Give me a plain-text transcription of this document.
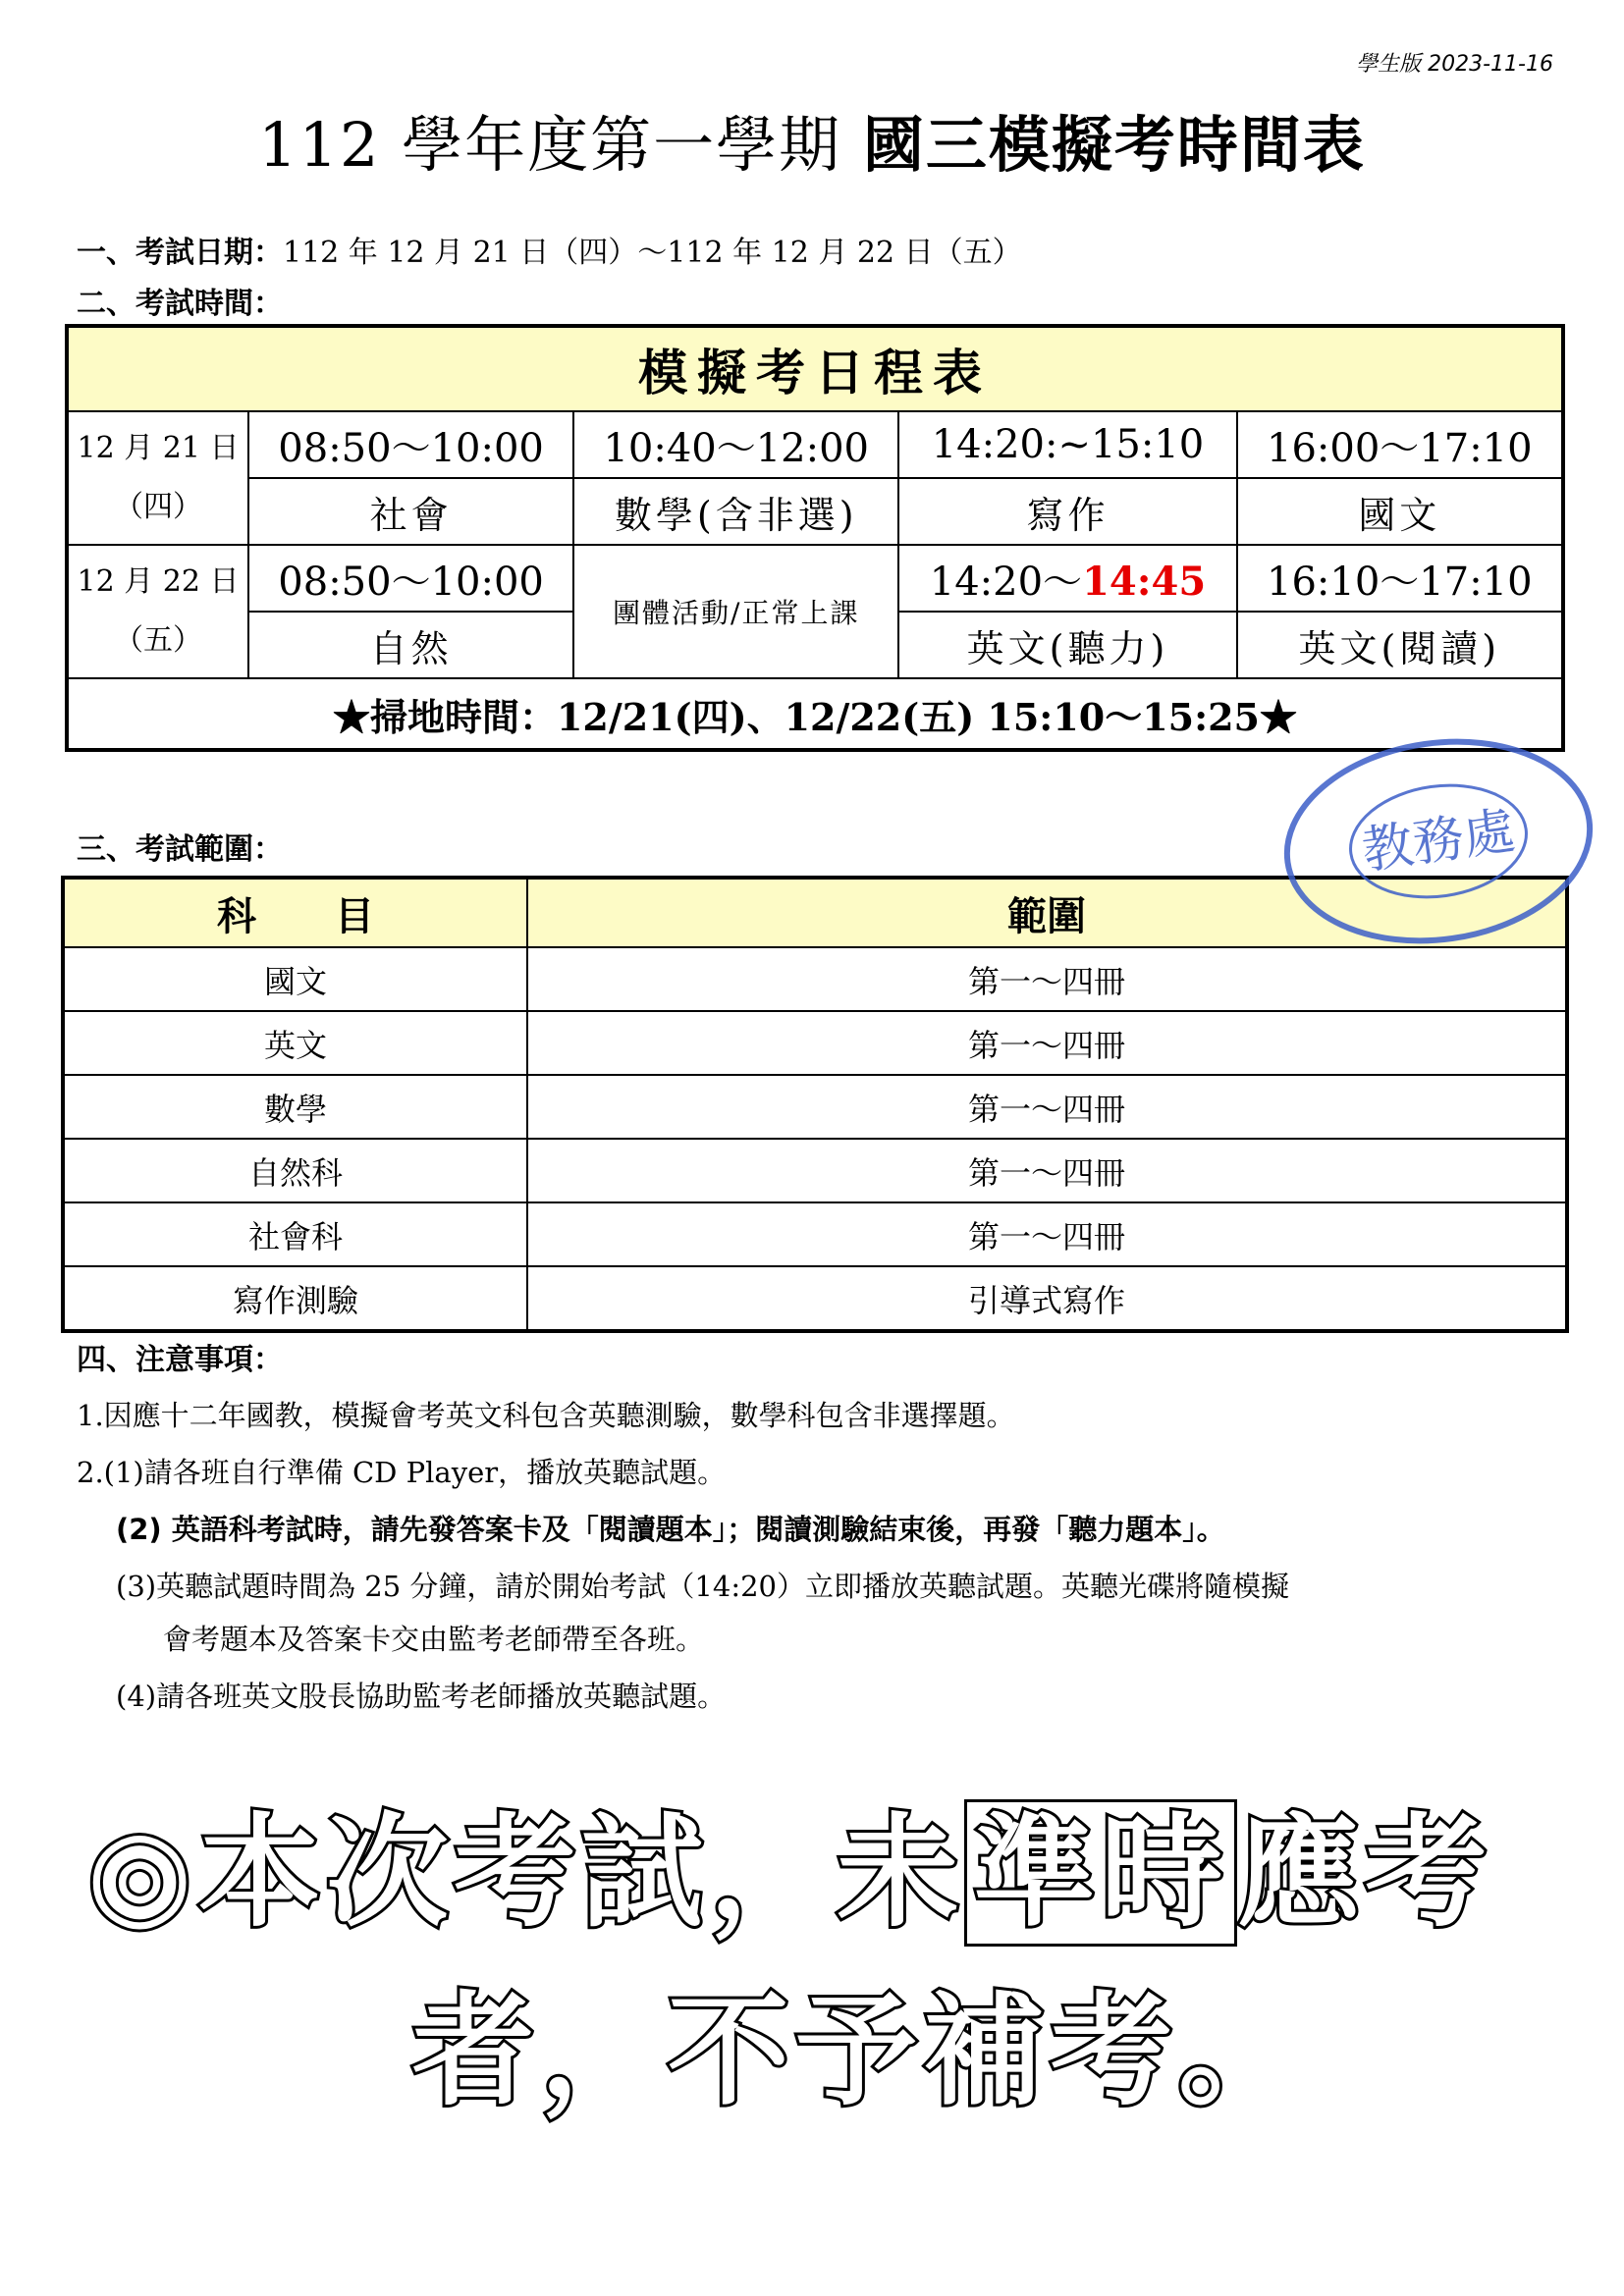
學生版 2023-11-16
112 學年度第一學期 國三模擬考時間表
一、考試日期：112 年 12 月 21 日（四）～112 年 12 月 22 日（五）
二、考試時間：
模擬考日程表				

12 月 21 日
（四）	08:50～10:00	10:40～12:00	14:20:~15:10	16:00～17:10
	社會	數學(含非選)	寫作	國文

12 月 22 日
（五）	08:50～10:00	團體活動/正常上課	14:20～14:45	16:10～17:10
	自然		英文(聽力)	英文(閱讀)
★掃地時間：12/21(四)、12/22(五) 15:10～15:25★				
三、考試範圍：
科　　目	範圍
國文	第一～四冊
英文	第一～四冊
數學	第一～四冊
自然科	第一～四冊
社會科	第一～四冊
寫作測驗	引導式寫作
教務處
四、注意事項：
1.因應十二年國教，模擬會考英文科包含英聽測驗，數學科包含非選擇題。
2.(1)請各班自行準備 CD Player，播放英聽試題。
(2) 英語科考試時，請先發答案卡及「閱讀題本」；閱讀測驗結束後，再發「聽力題本」。
(3)英聽試題時間為 25 分鐘，請於開始考試（14:20）立即播放英聽試題。英聽光碟將隨模擬
會考題本及答案卡交由監考老師帶至各班。
(4)請各班英文股長協助監考老師播放英聽試題。
◎本次考試，未準時應考
者，不予補考。
